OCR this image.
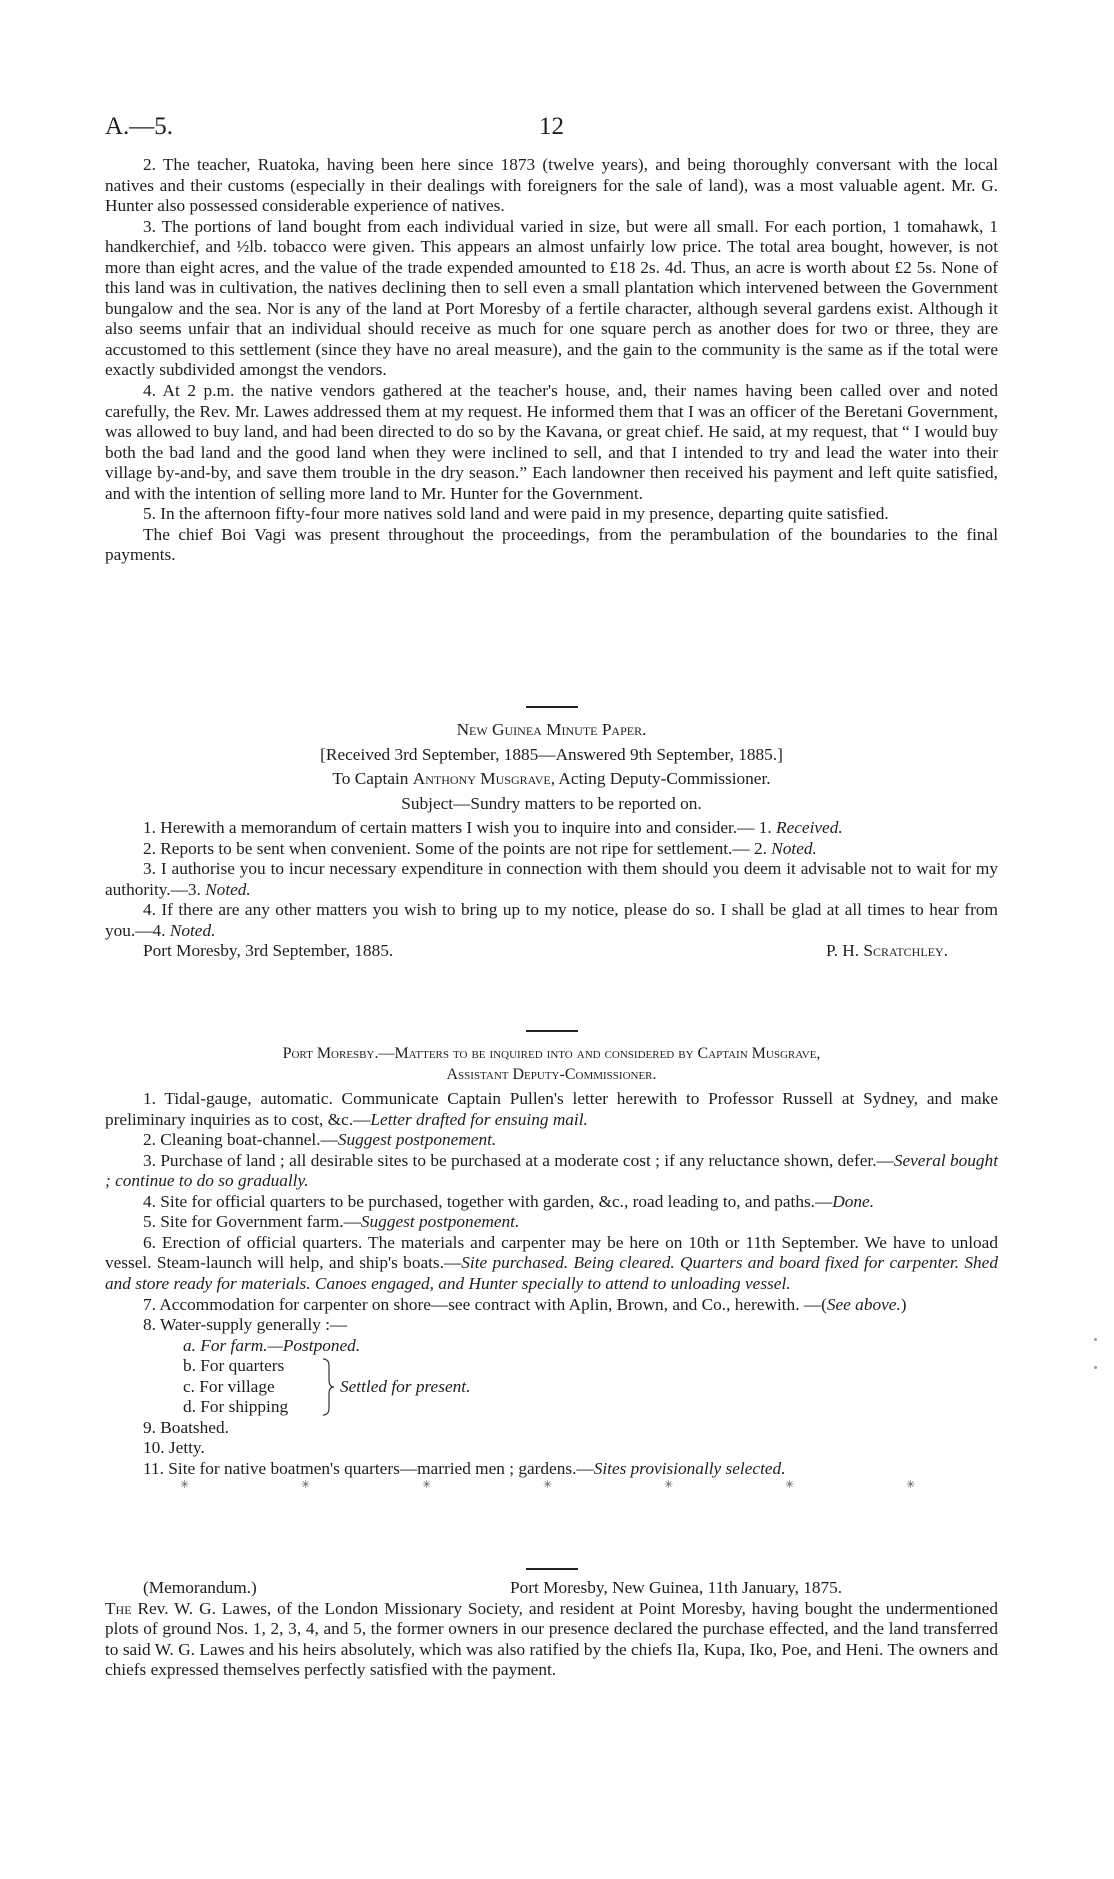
A.—5.	12

2. The teacher, Ruatoka, having been here since 1873 (twelve years), and being thoroughly conversant with the local natives and their customs (especially in their dealings with foreigners for the sale of land), was a most valuable agent. Mr. G. Hunter also possessed considerable experience of natives.

3. The portions of land bought from each individual varied in size, but were all small. For each portion, 1 tomahawk, 1 handkerchief, and ½lb. tobacco were given. This appears an almost unfairly low price. The total area bought, however, is not more than eight acres, and the value of the trade expended amounted to £18 2s. 4d. Thus, an acre is worth about £2 5s. None of this land was in cultivation, the natives declining then to sell even a small plantation which intervened between the Government bungalow and the sea. Nor is any of the land at Port Moresby of a fertile character, although several gardens exist. Although it also seems unfair that an individual should receive as much for one square perch as another does for two or three, they are accustomed to this settlement (since they have no areal measure), and the gain to the community is the same as if the total were exactly subdivided amongst the vendors.

4. At 2 p.m. the native vendors gathered at the teacher's house, and, their names having been called over and noted carefully, the Rev. Mr. Lawes addressed them at my request. He informed them that I was an officer of the Beretani Government, was allowed to buy land, and had been directed to do so by the Kavana, or great chief. He said, at my request, that “ I would buy both the bad land and the good land when they were inclined to sell, and that I intended to try and lead the water into their village by-and-by, and save them trouble in the dry season.” Each landowner then received his payment and left quite satisfied, and with the intention of selling more land to Mr. Hunter for the Government.

5. In the afternoon fifty-four more natives sold land and were paid in my presence, departing quite satisfied.

The chief Boi Vagi was present throughout the proceedings, from the perambulation of the boundaries to the final payments.

New Guinea Minute Paper.

[Received 3rd September, 1885—Answered 9th September, 1885.]

To Captain Anthony Musgrave, Acting Deputy-Commissioner.

Subject—Sundry matters to be reported on.

1. Herewith a memorandum of certain matters I wish you to inquire into and consider.— 1. Received.

2. Reports to be sent when convenient. Some of the points are not ripe for settlement.— 2. Noted.

3. I authorise you to incur necessary expenditure in connection with them should you deem it advisable not to wait for my authority.—3. Noted.

4. If there are any other matters you wish to bring up to my notice, please do so. I shall be glad at all times to hear from you.—4. Noted.

Port Moresby, 3rd September, 1885.	P. H. Scratchley.

Port Moresby.—Matters to be inquired into and considered by Captain Musgrave,

Assistant Deputy-Commissioner.

1. Tidal-gauge, automatic. Communicate Captain Pullen's letter herewith to Professor Russell at Sydney, and make preliminary inquiries as to cost, &c.—Letter drafted for ensuing mail.

2. Cleaning boat-channel.—Suggest postponement.

3. Purchase of land ; all desirable sites to be purchased at a moderate cost ; if any reluctance shown, defer.—Several bought ; continue to do so gradually.

4. Site for official quarters to be purchased, together with garden, &c., road leading to, and paths.—Done.

5. Site for Government farm.—Suggest postponement.

6. Erection of official quarters. The materials and carpenter may be here on 10th or 11th September. We have to unload vessel. Steam-launch will help, and ship's boats.—Site purchased. Being cleared. Quarters and board fixed for carpenter. Shed and store ready for materials. Canoes engaged, and Hunter specially to attend to unloading vessel.

7. Accommodation for carpenter on shore—see contract with Aplin, Brown, and Co., herewith. —(See above.)

8. Water-supply generally :—

a. For farm.—Postponed.

b. For quarters

c. For village

d. For shipping

Settled for present.

9. Boatshed.

10. Jetty.

11. Site for native boatmen's quarters—married men ; gardens.—Sites provisionally selected.

✳	✳	✳	✳	✳	✳	✳
(Memorandum.)	Port Moresby, New Guinea, 11th January, 1875.

The Rev. W. G. Lawes, of the London Missionary Society, and resident at Point Moresby, having bought the undermentioned plots of ground Nos. 1, 2, 3, 4, and 5, the former owners in our presence declared the purchase effected, and the land transferred to said W. G. Lawes and his heirs absolutely, which was also ratified by the chiefs Ila, Kupa, Iko, Poe, and Heni. The owners and chiefs expressed themselves perfectly satisfied with the payment.
